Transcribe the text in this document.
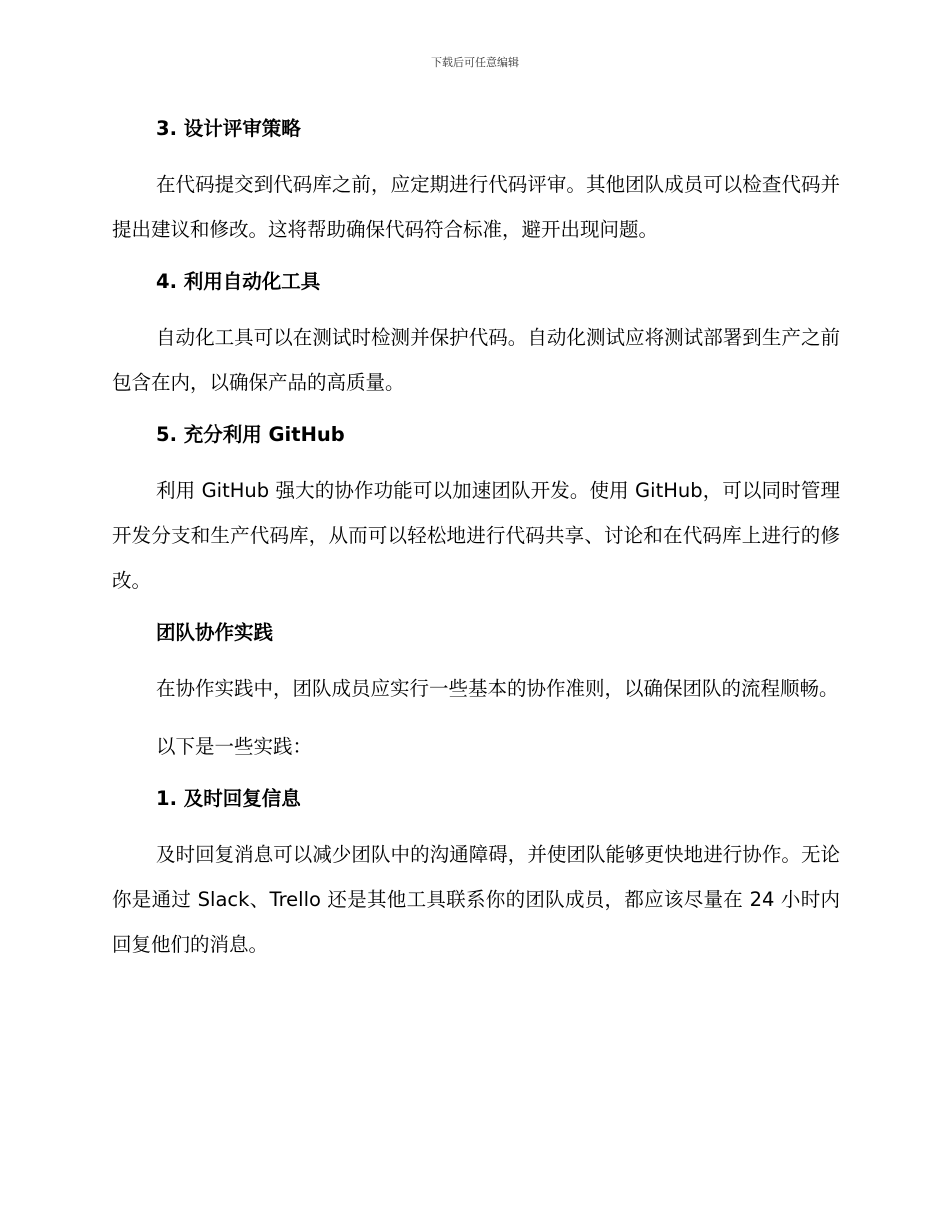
下载后可任意编辑
3. 设计评审策略

在代码提交到代码库之前，应定期进行代码评审。其他团队成员可以检查代码并提出建议和修改。这将帮助确保代码符合标准，避开出现问题。

4. 利用自动化工具

自动化工具可以在测试时检测并保护代码。自动化测试应将测试部署到生产之前包含在内，以确保产品的高质量。

5. 充分利用 GitHub

利用 GitHub 强大的协作功能可以加速团队开发。使用 GitHub，可以同时管理开发分支和生产代码库，从而可以轻松地进行代码共享、讨论和在代码库上进行的修改。

团队协作实践

在协作实践中，团队成员应实行一些基本的协作准则，以确保团队的流程顺畅。

以下是一些实践：

1. 及时回复信息

及时回复消息可以减少团队中的沟通障碍，并使团队能够更快地进行协作。无论你是通过 Slack、Trello 还是其他工具联系你的团队成员，都应该尽量在 24 小时内回复他们的消息。
